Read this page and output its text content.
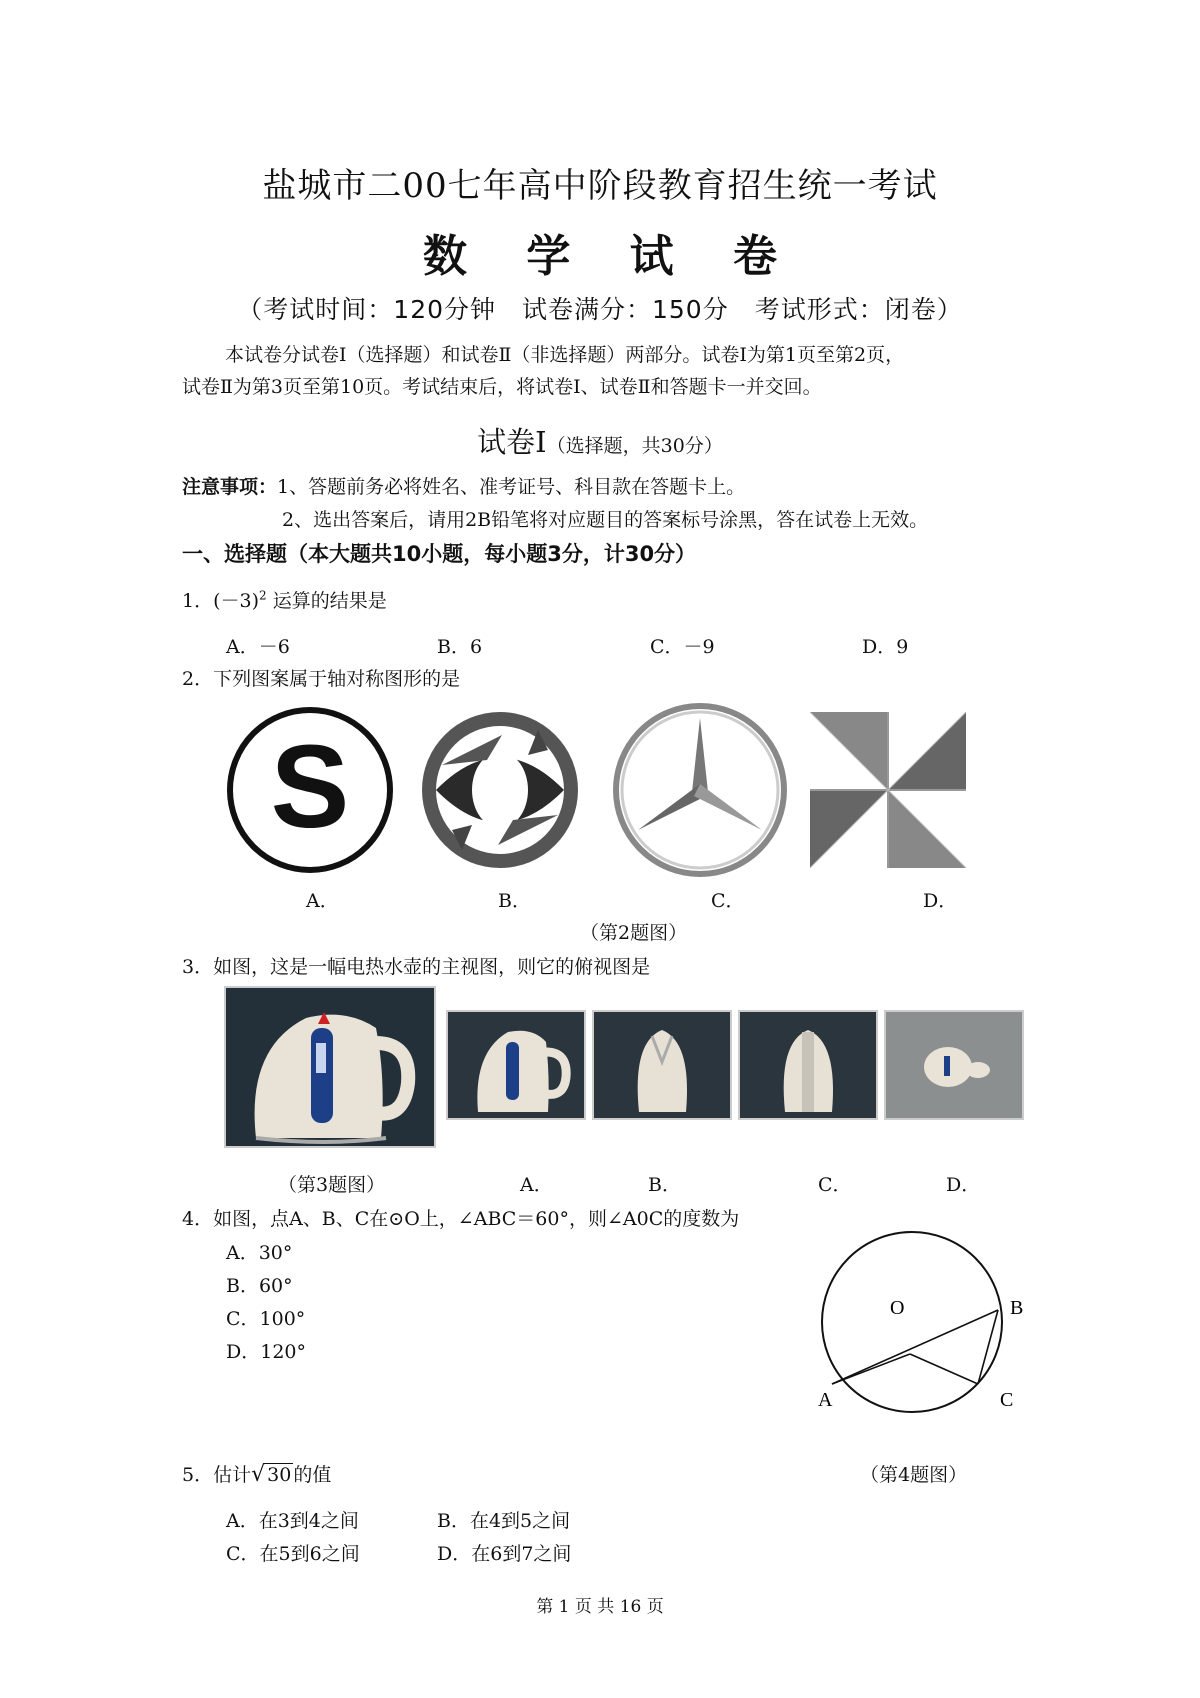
盐城市二00七年高中阶段教育招生统一考试
数 学 试 卷
（考试时间：120分钟　试卷满分：150分　考试形式：闭卷）
本试卷分试卷Ⅰ（选择题）和试卷Ⅱ（非选择题）两部分。试卷Ⅰ为第1页至第2页，
试卷Ⅱ为第3页至第10页。考试结束后，将试卷Ⅰ、试卷Ⅱ和答题卡一并交回。
试卷Ⅰ（选择题，共30分）
注意事项：1、答题前务必将姓名、准考证号、科目款在答题卡上。
2、选出答案后，请用2B铅笔将对应题目的答案标号涂黑，答在试卷上无效。
一、选择题（本大题共10小题，每小题3分，计30分）
1．$(-3)^2$ 运算的结果是
A．－6	B．6	C．－9	D．9
2．下列图案属于轴对称图形的是
S
A．	B．	C．	D．
（第2题图）
3．如图，这是一幅电热水壶的主视图，则它的俯视图是
（第3题图）	A．	B．	C．	D．
4．如图，点A、B、C在⊙O上，∠ABC＝60°，则∠A0C的度数为
A．30°
B．60°
C．100°
D．120°
O	B
A	C
5．估计√ 30 的值	（第4题图）
A．在3到4之间	B．在4到5之间
C．在5到6之间	D．在6到7之间
第 1 页 共 16 页
